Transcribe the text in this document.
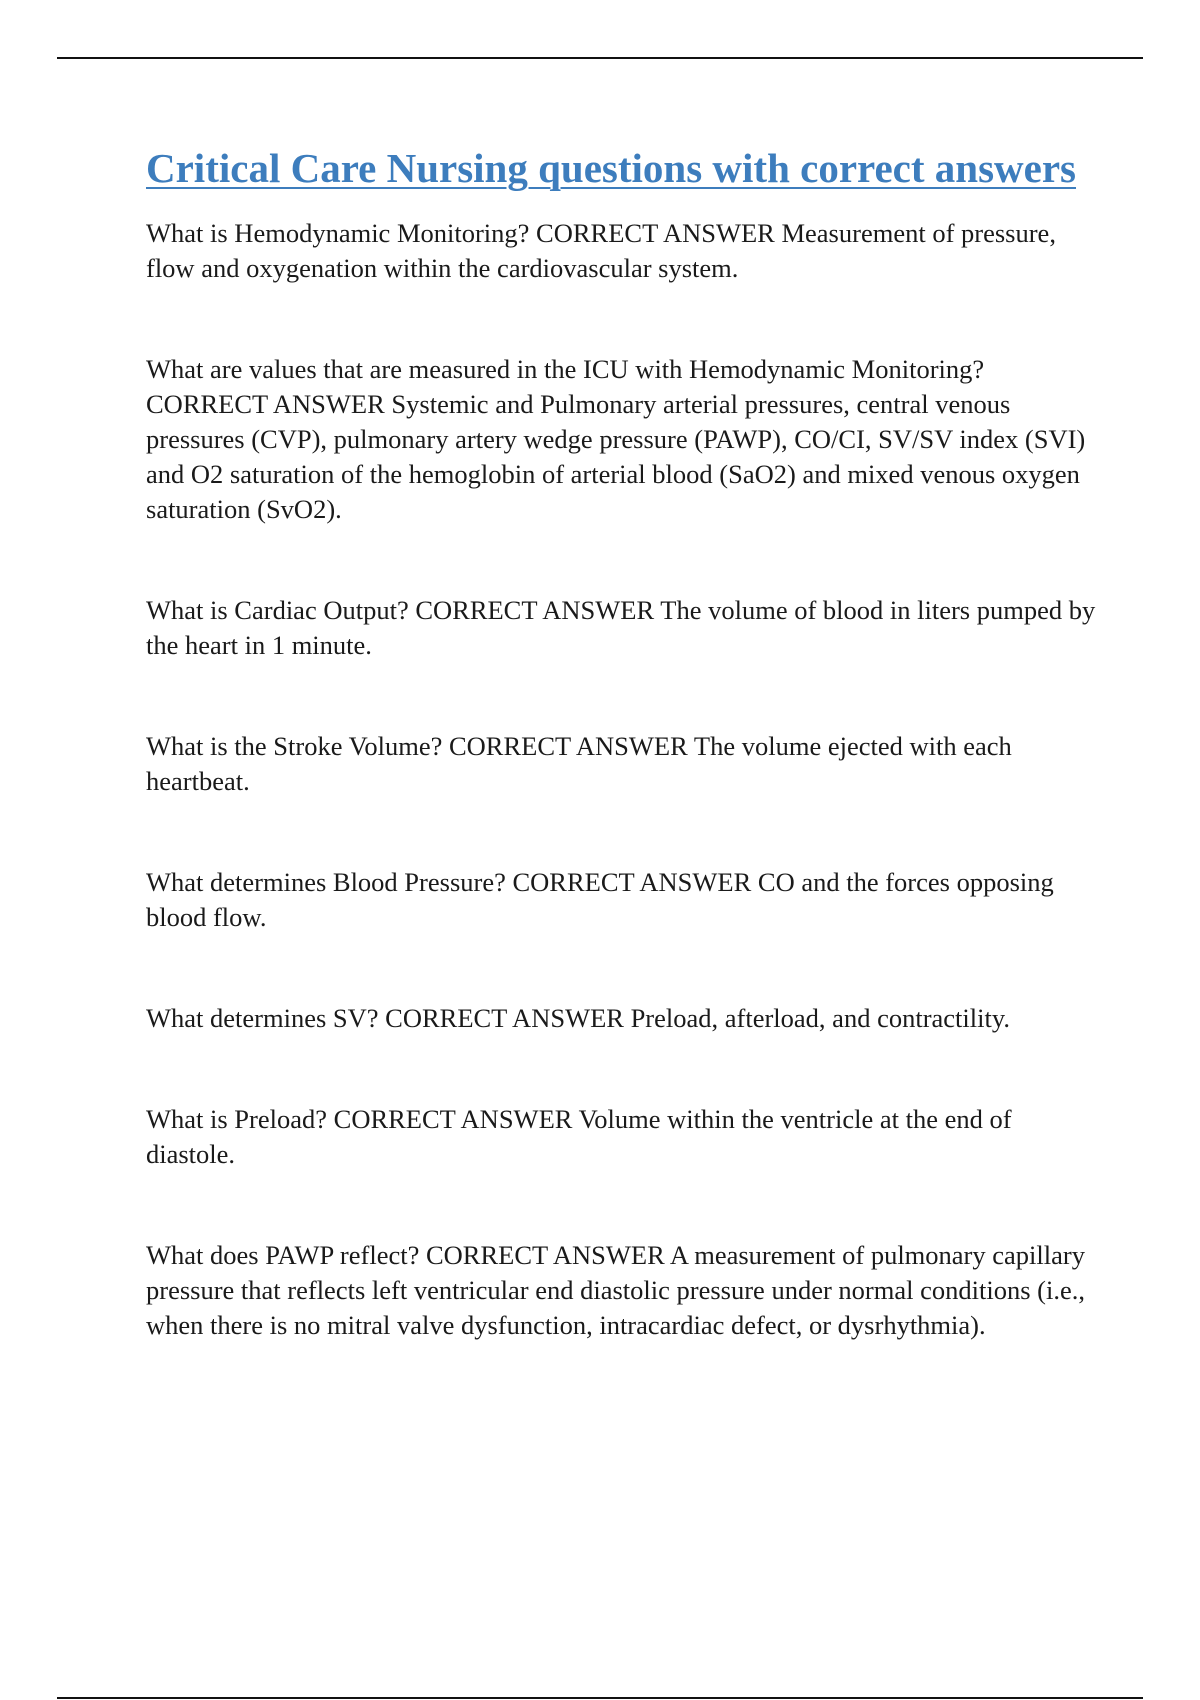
Critical Care Nursing questions with correct answers
What is Hemodynamic Monitoring? CORRECT ANSWER Measurement of pressure, flow and oxygenation within the cardiovascular system.
What are values that are measured in the ICU with Hemodynamic Monitoring? CORRECT ANSWER Systemic and Pulmonary arterial pressures, central venous pressures (CVP), pulmonary artery wedge pressure (PAWP), CO/CI, SV/SV index (SVI) and O2 saturation of the hemoglobin of arterial blood (SaO2) and mixed venous oxygen saturation (SvO2).
What is Cardiac Output? CORRECT ANSWER The volume of blood in liters pumped by the heart in 1 minute.
What is the Stroke Volume? CORRECT ANSWER The volume ejected with each heartbeat.
What determines Blood Pressure? CORRECT ANSWER CO and the forces opposing blood flow.
What determines SV? CORRECT ANSWER Preload, afterload, and contractility.
What is Preload? CORRECT ANSWER Volume within the ventricle at the end of diastole.
What does PAWP reflect? CORRECT ANSWER A measurement of pulmonary capillary pressure that reflects left ventricular end diastolic pressure under normal conditions (i.e., when there is no mitral valve dysfunction, intracardiac defect, or dysrhythmia).
